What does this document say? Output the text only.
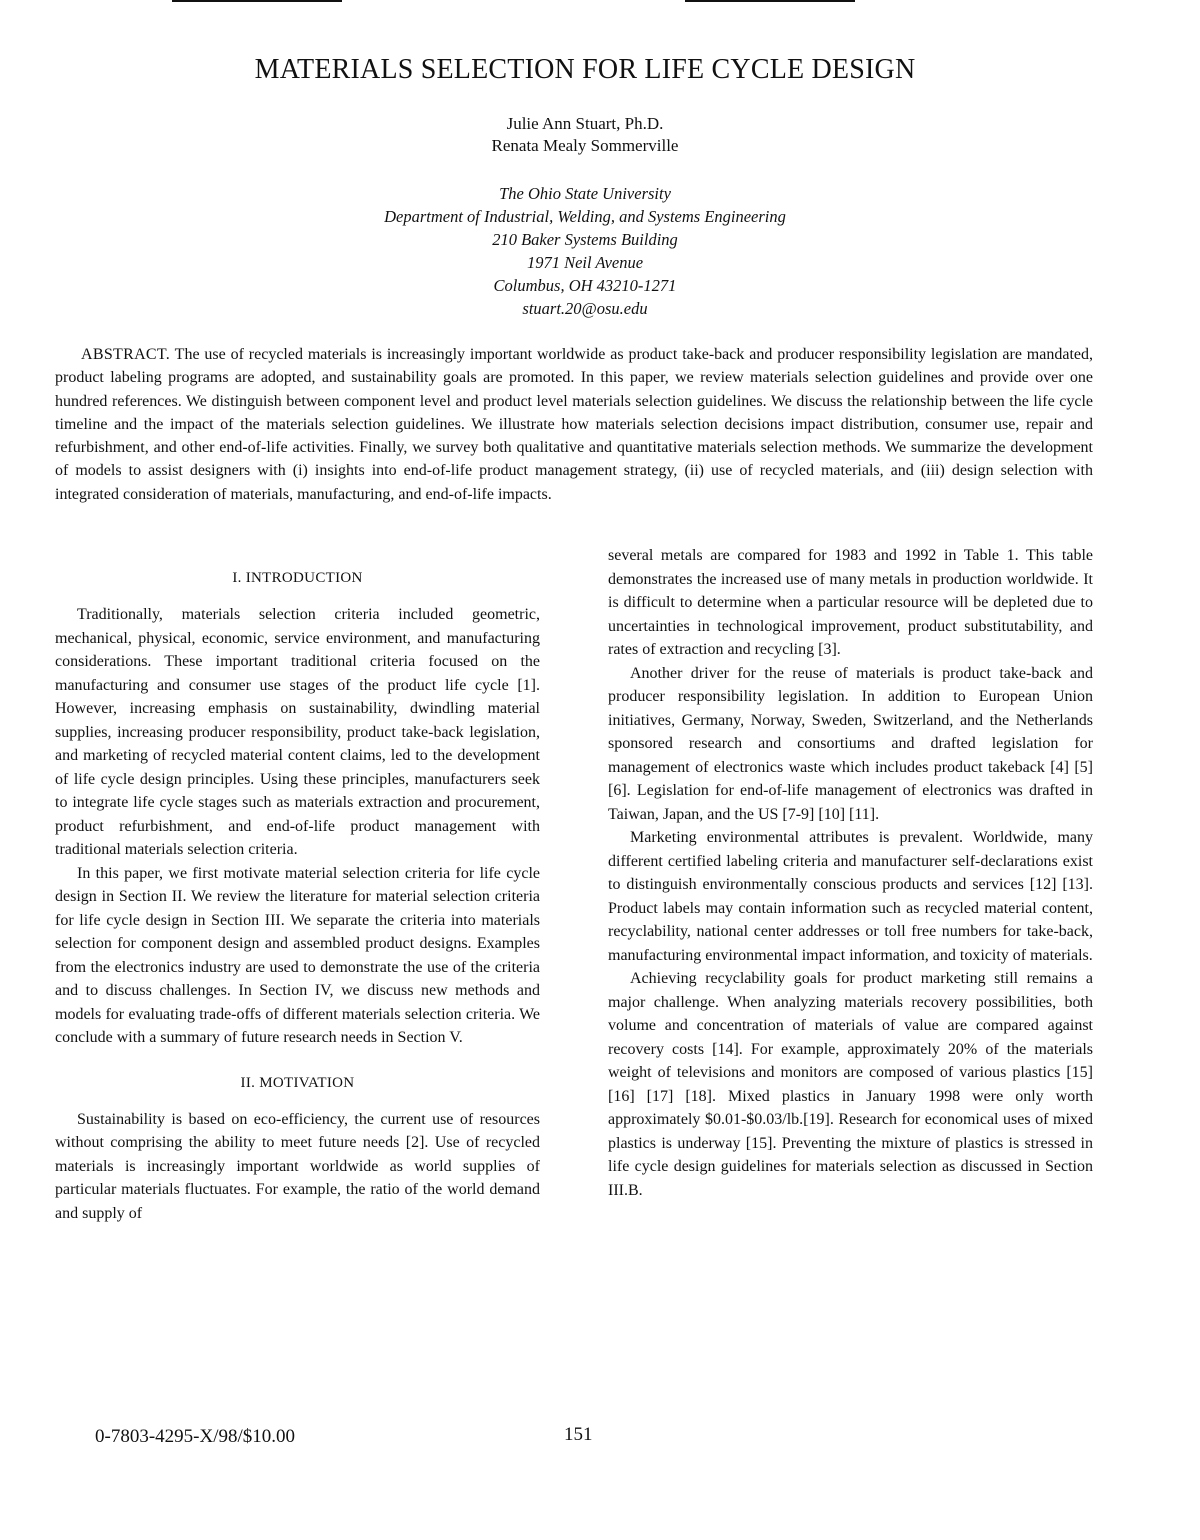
MATERIALS SELECTION FOR LIFE CYCLE DESIGN
Julie Ann Stuart, Ph.D.
Renata Mealy Sommerville
The Ohio State University
Department of Industrial, Welding, and Systems Engineering
210 Baker Systems Building
1971 Neil Avenue
Columbus, OH 43210-1271
stuart.20@osu.edu

ABSTRACT. The use of recycled materials is increasingly important worldwide as product take-back and producer responsibility legislation are mandated, product labeling programs are adopted, and sustainability goals are promoted. In this paper, we review materials selection guidelines and provide over one hundred references. We distinguish between component level and product level materials selection guidelines. We discuss the relationship between the life cycle timeline and the impact of the materials selection guidelines. We illustrate how materials selection decisions impact distribution, consumer use, repair and refurbishment, and other end-of-life activities. Finally, we survey both qualitative and quantitative materials selection methods. We summarize the development of models to assist designers with (i) insights into end-of-life product management strategy, (ii) use of recycled materials, and (iii) design selection with integrated consideration of materials, manufacturing, and end-of-life impacts.

I. INTRODUCTION

Traditionally, materials selection criteria included geometric, mechanical, physical, economic, service environment, and manufacturing considerations. These important traditional criteria focused on the manufacturing and consumer use stages of the product life cycle [1]. However, increasing emphasis on sustainability, dwindling material supplies, increasing producer responsibility, product take-back legislation, and marketing of recycled material content claims, led to the development of life cycle design principles. Using these principles, manufacturers seek to integrate life cycle stages such as materials extraction and procurement, product refurbishment, and end-of-life product management with traditional materials selection criteria.

In this paper, we first motivate material selection criteria for life cycle design in Section II. We review the literature for material selection criteria for life cycle design in Section III. We separate the criteria into materials selection for component design and assembled product designs. Examples from the electronics industry are used to demonstrate the use of the criteria and to discuss challenges. In Section IV, we discuss new methods and models for evaluating trade-offs of different materials selection criteria. We conclude with a summary of future research needs in Section V.

II. MOTIVATION

Sustainability is based on eco-efficiency, the current use of resources without comprising the ability to meet future needs [2]. Use of recycled materials is increasingly important worldwide as world supplies of particular materials fluctuates. For example, the ratio of the world demand and supply of

several metals are compared for 1983 and 1992 in Table 1. This table demonstrates the increased use of many metals in production worldwide. It is difficult to determine when a particular resource will be depleted due to uncertainties in technological improvement, product substitutability, and rates of extraction and recycling [3].

Another driver for the reuse of materials is product take-back and producer responsibility legislation. In addition to European Union initiatives, Germany, Norway, Sweden, Switzerland, and the Netherlands sponsored research and consortiums and drafted legislation for management of electronics waste which includes product takeback [4] [5] [6]. Legislation for end-of-life management of electronics was drafted in Taiwan, Japan, and the US [7-9] [10] [11].

Marketing environmental attributes is prevalent. Worldwide, many different certified labeling criteria and manufacturer self-declarations exist to distinguish environmentally conscious products and services [12] [13]. Product labels may contain information such as recycled material content, recyclability, national center addresses or toll free numbers for take-back, manufacturing environmental impact information, and toxicity of materials.

Achieving recyclability goals for product marketing still remains a major challenge. When analyzing materials recovery possibilities, both volume and concentration of materials of value are compared against recovery costs [14]. For example, approximately 20% of the materials weight of televisions and monitors are composed of various plastics [15] [16] [17] [18]. Mixed plastics in January 1998 were only worth approximately $0.01-$0.03/lb.[19]. Research for economical uses of mixed plastics is underway [15]. Preventing the mixture of plastics is stressed in life cycle design guidelines for materials selection as discussed in Section III.B.

0-7803-4295-X/98/$10.00	151
